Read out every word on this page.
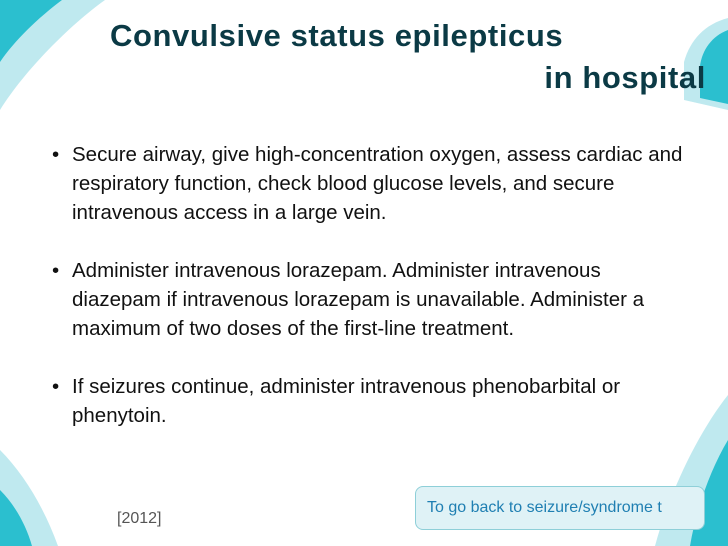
Convulsive status epilepticus
in hospital
• Secure airway, give high-concentration oxygen, assess cardiac and respiratory function, check blood glucose levels, and secure intravenous access in a large vein.
• Administer intravenous lorazepam. Administer intravenous diazepam if intravenous lorazepam is unavailable. Administer a maximum of two doses of the first-line treatment.
• If seizures continue, administer intravenous phenobarbital or phenytoin.
[2012]
To go back to seizure/syndrome t
